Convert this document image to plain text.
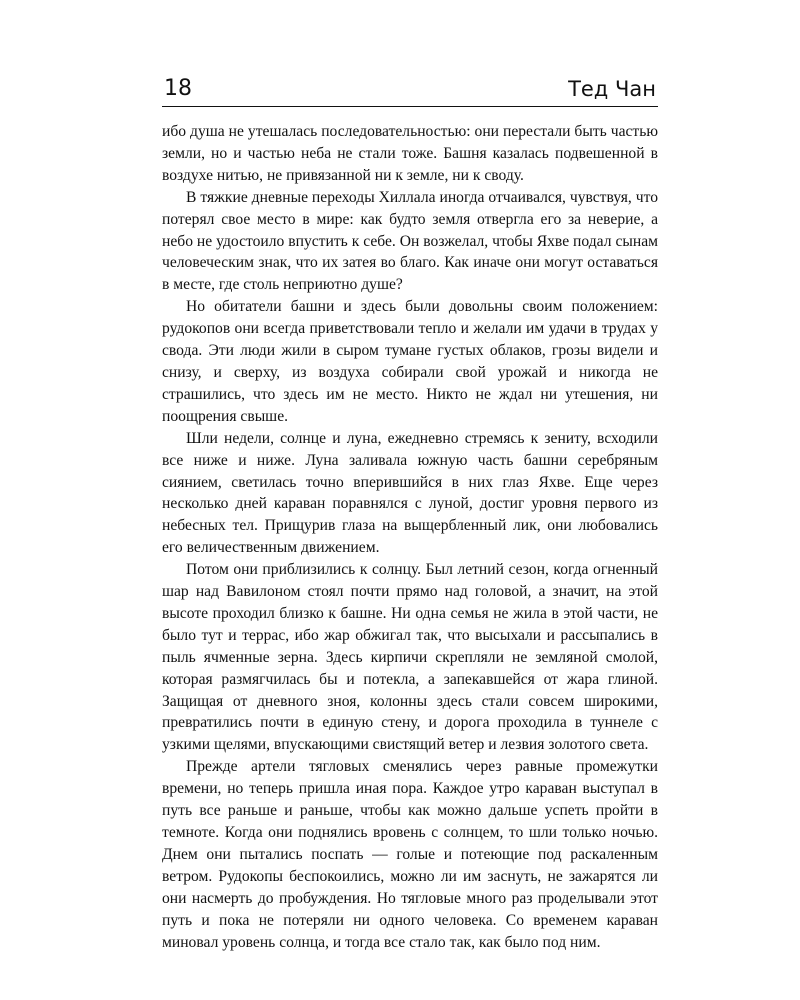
18	Тед Чан

ибо душа не утешалась последовательностью: они перестали быть частью земли, но и частью неба не стали тоже. Башня казалась подвешенной в воздухе нитью, не привязанной ни к земле, ни к своду.

В тяжкие дневные переходы Хиллала иногда отчаивался, чувствуя, что потерял свое место в мире: как будто земля отвергла его за неверие, а небо не удостоило впустить к себе. Он возжелал, чтобы Яхве подал сынам человеческим знак, что их затея во благо. Как иначе они могут оставаться в месте, где столь неприютно душе?

Но обитатели башни и здесь были довольны своим положением: рудокопов они всегда приветствовали тепло и желали им удачи в трудах у свода. Эти люди жили в сыром тумане густых облаков, грозы видели и снизу, и сверху, из воздуха собирали свой урожай и никогда не страшились, что здесь им не место. Никто не ждал ни утешения, ни поощрения свыше.

Шли недели, солнце и луна, ежедневно стремясь к зениту, всходили все ниже и ниже. Луна заливала южную часть башни серебряным сиянием, светилась точно вперившийся в них глаз Яхве. Еще через несколько дней караван поравнялся с луной, достиг уровня первого из небесных тел. Прищурив глаза на выщербленный лик, они любовались его величественным движением.

Потом они приблизились к солнцу. Был летний сезон, когда огненный шар над Вавилоном стоял почти прямо над головой, а значит, на этой высоте проходил близко к башне. Ни одна семья не жила в этой части, не было тут и террас, ибо жар обжигал так, что высыхали и рассыпались в пыль ячменные зерна. Здесь кирпичи скрепляли не земляной смолой, которая размягчилась бы и потекла, а запекавшейся от жара глиной. Защищая от дневного зноя, колонны здесь стали совсем широкими, превратились почти в единую стену, и дорога проходила в туннеле с узкими щелями, впускающими свистящий ветер и лезвия золотого света.

Прежде артели тягловых сменялись через равные промежутки времени, но теперь пришла иная пора. Каждое утро караван выступал в путь все раньше и раньше, чтобы как можно дальше успеть пройти в темноте. Когда они поднялись вровень с солнцем, то шли только ночью. Днем они пытались поспать — голые и потеющие под раскаленным ветром. Рудокопы беспокоились, можно ли им заснуть, не зажарятся ли они насмерть до пробуждения. Но тягловые много раз проделывали этот путь и пока не потеряли ни одного человека. Со временем караван миновал уровень солнца, и тогда все стало так, как было под ним.
